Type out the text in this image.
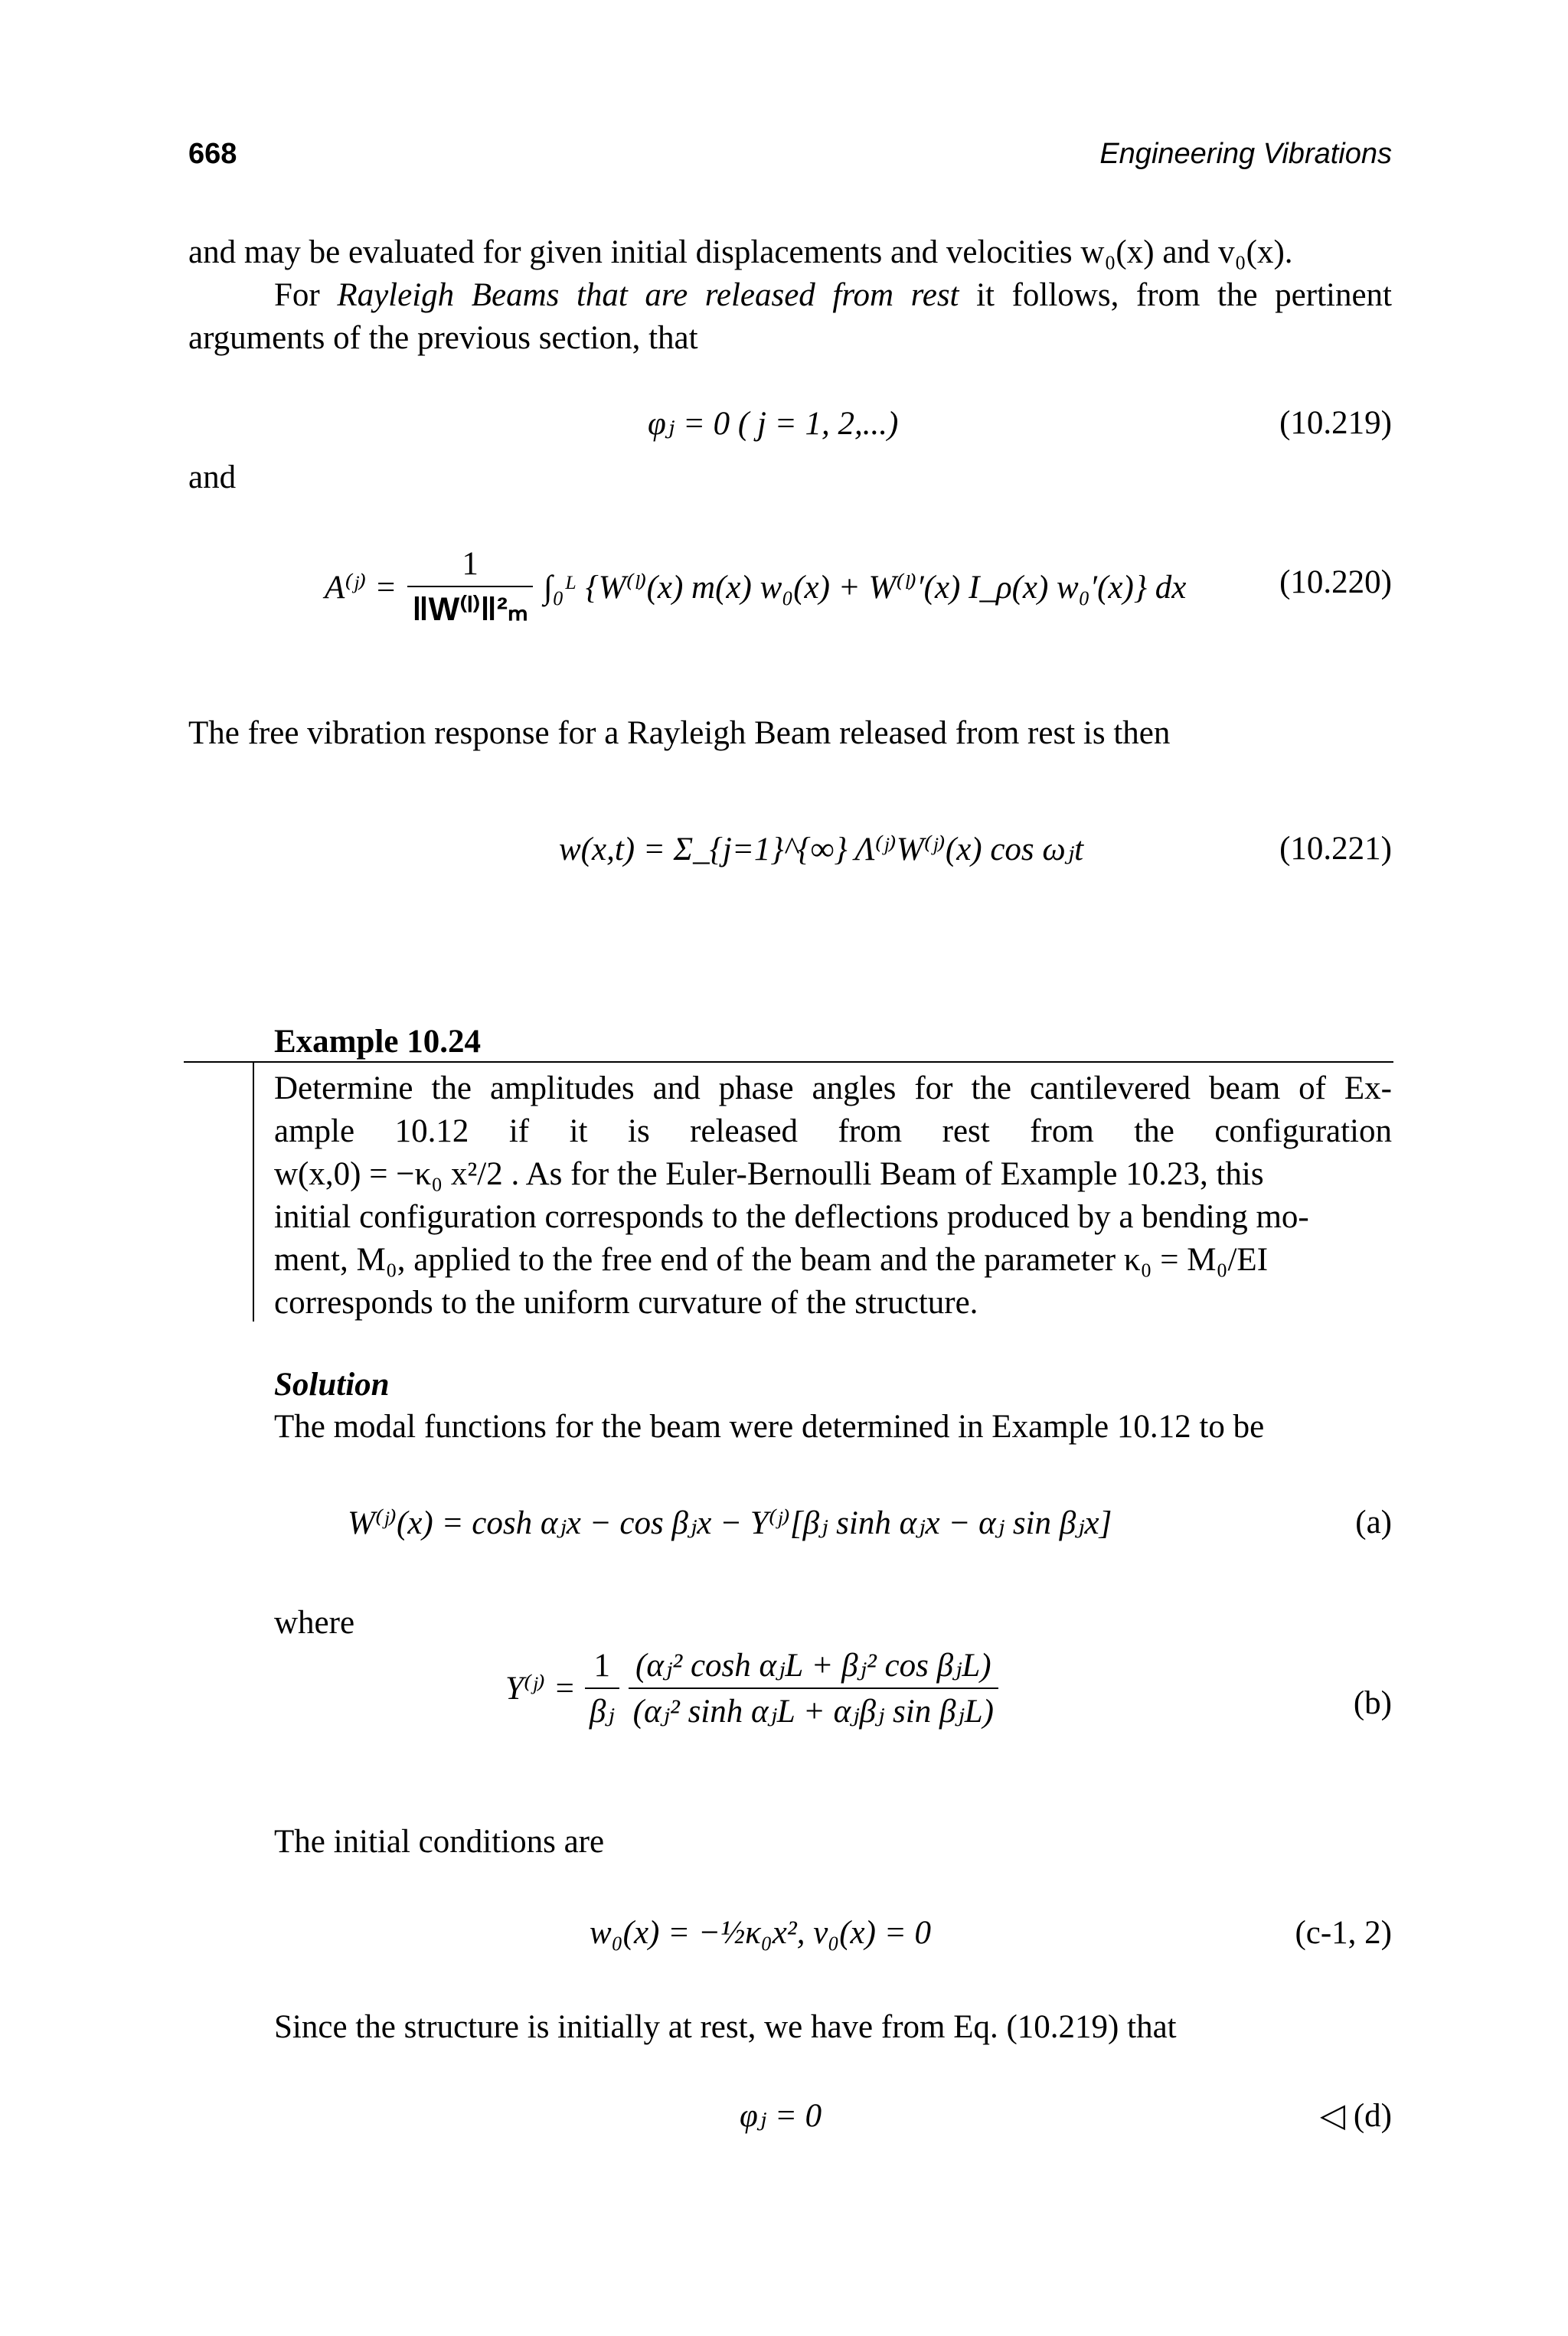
668	Engineering Vibrations
and may be evaluated for given initial displacements and velocities w₀(x) and v₀(x).
For Rayleigh Beams that are released from rest it follows, from the pertinent
arguments of the previous section, that
φⱼ = 0 ( j = 1, 2,...)	(10.219)
and
A⁽ʲ⁾ = $\frac{1}{\text{‖W⁽ˡ⁾‖²ₘ}}$ ∫₀ᴸ {W⁽ˡ⁾(x) m(x) w₀(x) + W⁽ˡ⁾′(x) I_ρ(x) w₀′(x)} dx	(10.220)
The free vibration response for a Rayleigh Beam released from rest is then
w(x,t) = Σ_{j=1}^{∞} Λ⁽ʲ⁾W⁽ʲ⁾(x) cos ωⱼt	(10.221)
Example 10.24
Determine the amplitudes and phase angles for the cantilevered beam of Ex-
ample 10.12 if it is released from rest from the configuration
w(x,0) = −κ₀ x²/2 . As for the Euler-Bernoulli Beam of Example 10.23, this
initial configuration corresponds to the deflections produced by a bending mo-
ment, M₀, applied to the free end of the beam and the parameter κ₀ = M₀/EI
corresponds to the uniform curvature of the structure.
Solution
The modal functions for the beam were determined in Example 10.12 to be
W⁽ʲ⁾(x) = cosh αⱼx − cos βⱼx − Y⁽ʲ⁾[βⱼ sinh αⱼx − αⱼ sin βⱼx]	(a)
where
Y⁽ʲ⁾ = $\frac{1}{\text{βⱼ}} \frac{\text{(αⱼ² cosh αⱼL + βⱼ² cos βⱼL)}}{\text{(αⱼ² sinh αⱼL + αⱼβⱼ sin βⱼL)}}$	(b)
The initial conditions are
w₀(x) = −½κ₀x², v₀(x) = 0	(c-1, 2)
Since the structure is initially at rest, we have from Eq. (10.219) that
φⱼ = 0	◁ (d)
